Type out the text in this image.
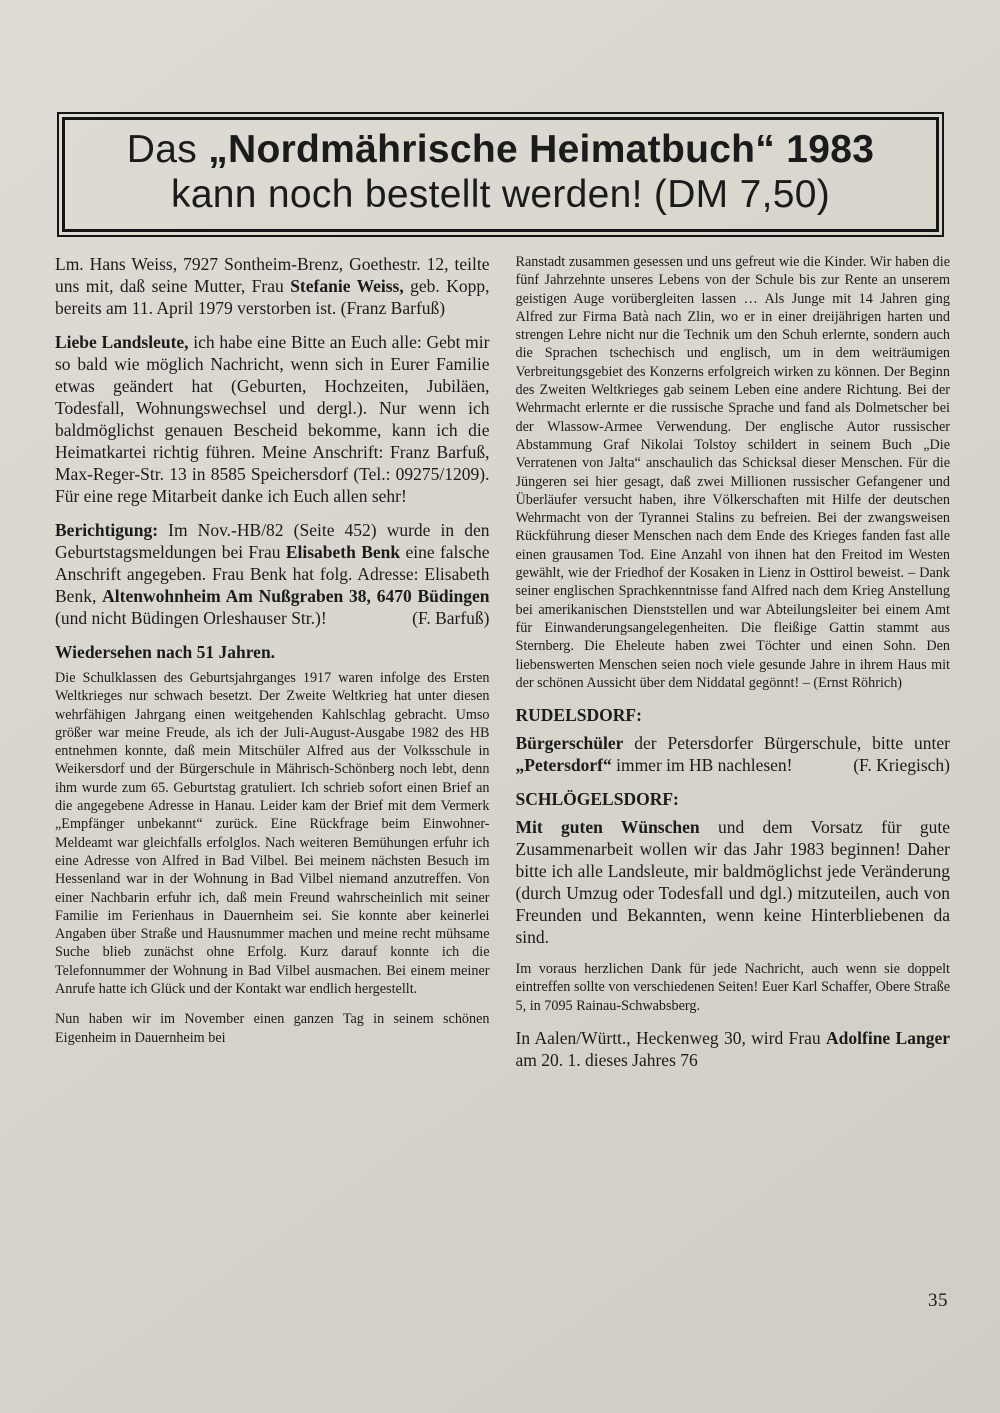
Das „Nordmährische Heimatbuch“ 1983
kann noch bestellt werden! (DM 7,50)

Lm. Hans Weiss, 7927 Sontheim-Brenz, Goethestr. 12, teilte uns mit, daß seine Mutter, Frau Stefanie Weiss, geb. Kopp, bereits am 11. April 1979 verstorben ist. (Franz Barfuß)

Liebe Landsleute, ich habe eine Bitte an Euch alle: Gebt mir so bald wie möglich Nachricht, wenn sich in Eurer Familie etwas geändert hat (Geburten, Hochzeiten, Jubiläen, Todesfall, Wohnungswechsel und dergl.). Nur wenn ich baldmöglichst genauen Bescheid bekomme, kann ich die Heimatkartei richtig führen. Meine Anschrift: Franz Barfuß, Max-Reger-Str. 13 in 8585 Speichersdorf (Tel.: 09275/1209). Für eine rege Mitarbeit danke ich Euch allen sehr!

Berichtigung: Im Nov.-HB/82 (Seite 452) wurde in den Geburtstagsmeldungen bei Frau Elisabeth Benk eine falsche Anschrift angegeben. Frau Benk hat folg. Adresse: Elisabeth Benk, Altenwohnheim Am Nußgraben 38, 6470 Büdingen (und nicht Büdingen Orleshauser Str.)!	(F. Barfuß)

Wiedersehen nach 51 Jahren.

Die Schulklassen des Geburtsjahrganges 1917 waren infolge des Ersten Weltkrieges nur schwach besetzt. Der Zweite Weltkrieg hat unter diesen wehrfähigen Jahrgang einen weitgehenden Kahlschlag gebracht. Umso größer war meine Freude, als ich der Juli-August-Ausgabe 1982 des HB entnehmen konnte, daß mein Mitschüler Alfred aus der Volksschule in Weikersdorf und der Bürgerschule in Mährisch-Schönberg noch lebt, denn ihm wurde zum 65. Geburtstag gratuliert. Ich schrieb sofort einen Brief an die angegebene Adresse in Hanau. Leider kam der Brief mit dem Vermerk „Empfänger unbekannt“ zurück. Eine Rückfrage beim Einwohner-Meldeamt war gleichfalls erfolglos. Nach weiteren Bemühungen erfuhr ich eine Adresse von Alfred in Bad Vilbel. Bei meinem nächsten Besuch im Hessenland war in der Wohnung in Bad Vilbel niemand anzutreffen. Von einer Nachbarin erfuhr ich, daß mein Freund wahrscheinlich mit seiner Familie im Ferienhaus in Dauernheim sei. Sie konnte aber keinerlei Angaben über Straße und Hausnummer machen und meine recht mühsame Suche blieb zunächst ohne Erfolg. Kurz darauf konnte ich die Telefonnummer der Wohnung in Bad Vilbel ausmachen. Bei einem meiner Anrufe hatte ich Glück und der Kontakt war endlich hergestellt.

Nun haben wir im November einen ganzen Tag in seinem schönen Eigenheim in Dauernheim bei

Ranstadt zusammen gesessen und uns gefreut wie die Kinder. Wir haben die fünf Jahrzehnte unseres Lebens von der Schule bis zur Rente an unserem geistigen Auge vorübergleiten lassen … Als Junge mit 14 Jahren ging Alfred zur Firma Batà nach Zlin, wo er in einer dreijährigen harten und strengen Lehre nicht nur die Technik um den Schuh erlernte, sondern auch die Sprachen tschechisch und englisch, um in dem weiträumigen Verbreitungsgebiet des Konzerns erfolgreich wirken zu können. Der Beginn des Zweiten Weltkrieges gab seinem Leben eine andere Richtung. Bei der Wehrmacht erlernte er die russische Sprache und fand als Dolmetscher bei der Wlassow-Armee Verwendung. Der englische Autor russischer Abstammung Graf Nikolai Tolstoy schildert in seinem Buch „Die Verratenen von Jalta“ anschaulich das Schicksal dieser Menschen. Für die Jüngeren sei hier gesagt, daß zwei Millionen russischer Gefangener und Überläufer versucht haben, ihre Völkerschaften mit Hilfe der deutschen Wehrmacht von der Tyrannei Stalins zu befreien. Bei der zwangsweisen Rückführung dieser Menschen nach dem Ende des Krieges fanden fast alle einen grausamen Tod. Eine Anzahl von ihnen hat den Freitod im Westen gewählt, wie der Friedhof der Kosaken in Lienz in Osttirol beweist. – Dank seiner englischen Sprachkenntnisse fand Alfred nach dem Krieg Anstellung bei amerikanischen Dienststellen und war Abteilungsleiter bei einem Amt für Einwanderungsangelegenheiten. Die fleißige Gattin stammt aus Sternberg. Die Eheleute haben zwei Töchter und einen Sohn. Den liebenswerten Menschen seien noch viele gesunde Jahre in ihrem Haus mit der schönen Aussicht über dem Niddatal gegönnt! – (Ernst Röhrich)

RUDELSDORF:

Bürgerschüler der Petersdorfer Bürgerschule, bitte unter „Petersdorf“ immer im HB nachlesen!	(F. Kriegisch)

SCHLÖGELSDORF:

Mit guten Wünschen und dem Vorsatz für gute Zusammenarbeit wollen wir das Jahr 1983 beginnen! Daher bitte ich alle Landsleute, mir baldmöglichst jede Veränderung (durch Umzug oder Todesfall und dgl.) mitzuteilen, auch von Freunden und Bekannten, wenn keine Hinterbliebenen da sind.

Im voraus herzlichen Dank für jede Nachricht, auch wenn sie doppelt eintreffen sollte von verschiedenen Seiten! Euer Karl Schaffer, Obere Straße 5, in 7095 Rainau-Schwabsberg.

In Aalen/Württ., Heckenweg 30, wird Frau Adolfine Langer am 20. 1. dieses Jahres 76

35
